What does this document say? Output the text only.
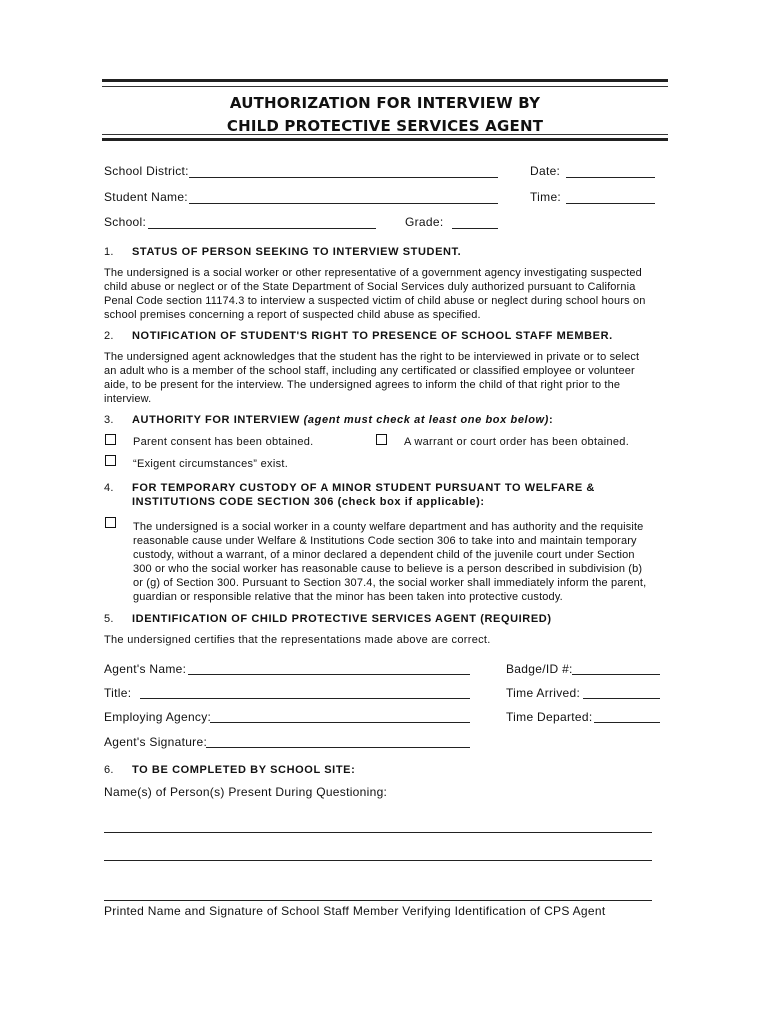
AUTHORIZATION FOR INTERVIEW BY
CHILD PROTECTIVE SERVICES AGENT
School District:	Date:
Student Name:	Time:
School:	Grade:
1. STATUS OF PERSON SEEKING TO INTERVIEW STUDENT.
The undersigned is a social worker or other representative of a government agency investigating suspected
child abuse or neglect or of the State Department of Social Services duly authorized pursuant to California
Penal Code section 11174.3 to interview a suspected victim of child abuse or neglect during school hours on
school premises concerning a report of suspected child abuse as specified.
2. NOTIFICATION OF STUDENT'S RIGHT TO PRESENCE OF SCHOOL STAFF MEMBER.
The undersigned agent acknowledges that the student has the right to be interviewed in private or to select
an adult who is a member of the school staff, including any certificated or classified employee or volunteer
aide, to be present for the interview. The undersigned agrees to inform the child of that right prior to the
interview.
3. AUTHORITY FOR INTERVIEW (agent must check at least one box below):
Parent consent has been obtained.	A warrant or court order has been obtained.
“Exigent circumstances” exist.
4. FOR TEMPORARY CUSTODY OF A MINOR STUDENT PURSUANT TO WELFARE &
INSTITUTIONS CODE SECTION 306 (check box if applicable):
The undersigned is a social worker in a county welfare department and has authority and the requisite
reasonable cause under Welfare & Institutions Code section 306 to take into and maintain temporary
custody, without a warrant, of a minor declared a dependent child of the juvenile court under Section
300 or who the social worker has reasonable cause to believe is a person described in subdivision (b)
or (g) of Section 300. Pursuant to Section 307.4, the social worker shall immediately inform the parent,
guardian or responsible relative that the minor has been taken into protective custody.
5. IDENTIFICATION OF CHILD PROTECTIVE SERVICES AGENT (REQUIRED)
The undersigned certifies that the representations made above are correct.
Agent's Name:	Badge/ID #:
Title:	Time Arrived:
Employing Agency:	Time Departed:
Agent's Signature:
6. TO BE COMPLETED BY SCHOOL SITE:
Name(s) of Person(s) Present During Questioning:
Printed Name and Signature of School Staff Member Verifying Identification of CPS Agent
